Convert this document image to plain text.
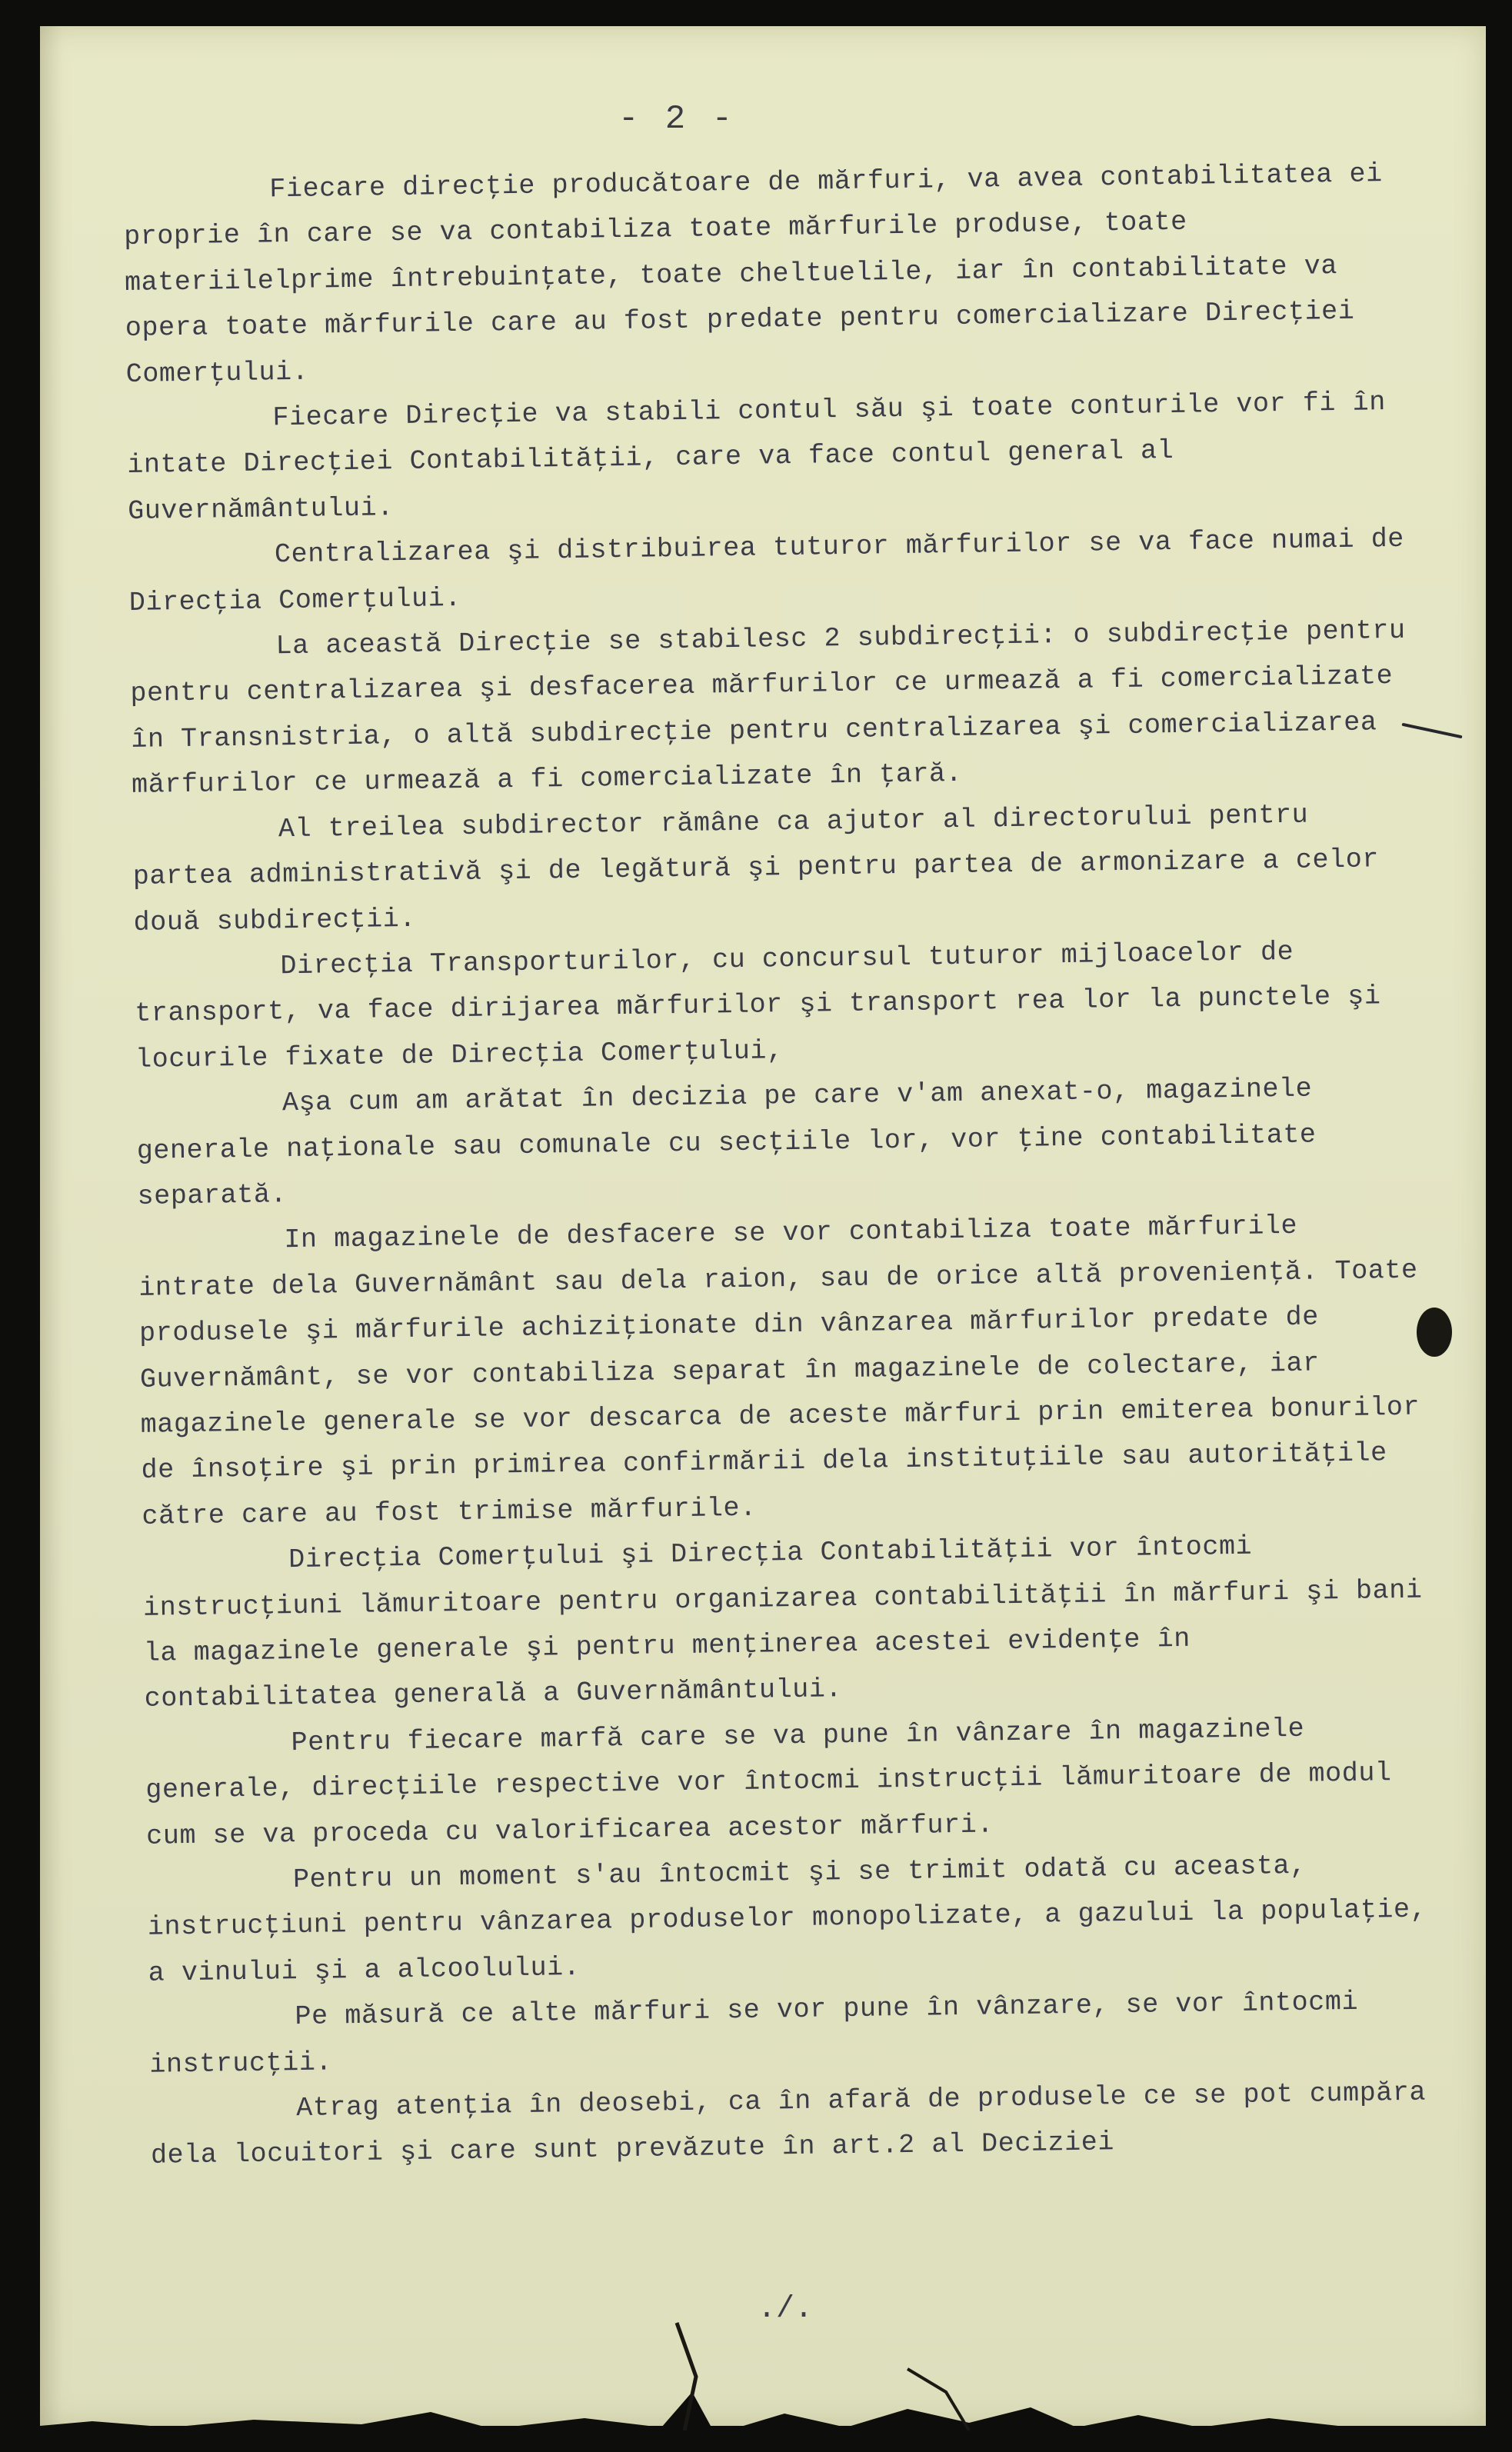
- 2 -

Fiecare direcţie producătoare de mărfuri, va avea contabilitatea ei proprie în care se va contabiliza toate mărfurile produse, toate materiilelprime întrebuinţate, toate cheltuelile, iar în contabilitate va opera toate mărfurile care au fost predate pentru comercializare Direcţiei Comerţului.

Fiecare Direcţie va stabili contul său şi toate conturile vor fi în intate Direcţiei Contabilităţii, care va face contul general al Guvernământului.

Centralizarea şi distribuirea tuturor mărfurilor se va face numai de Direcţia Comerţului.

La această Direcţie se stabilesc 2 subdirecţii: o subdirecţie pentru pentru centralizarea şi desfacerea mărfurilor ce urmează a fi comercializate în Transnistria, o altă subdirecţie pentru centralizarea şi comercializarea mărfurilor ce urmează a fi comercializate în ţară.

Al treilea subdirector rămâne ca ajutor al directorului pentru partea administrativă şi de legătură şi pentru partea de armonizare a celor două subdirecţii.

Direcţia Transporturilor, cu concursul tuturor mijloacelor de transport, va face dirijarea mărfurilor şi transport rea lor la punctele şi locurile fixate de Direcţia Comerţului,

Aşa cum am arătat în decizia pe care v'am anexat-o, magazinele generale naţionale sau comunale cu secţiile lor, vor ţine contabilitate separată.

In magazinele de desfacere se vor contabiliza toate mărfurile intrate dela Guvernământ sau dela raion, sau de orice altă provenienţă. Toate produsele şi mărfurile achiziţionate din vânzarea mărfurilor predate de Guvernământ, se vor contabiliza separat în magazinele de colectare, iar magazinele generale se vor descarca de aceste mărfuri prin emiterea bonurilor de însoţire şi prin primirea confirmării dela instituţiile sau autorităţile către care au fost trimise mărfurile.

Direcţia Comerţului şi Direcţia Contabilităţii vor întocmi instrucţiuni lămuritoare pentru organizarea contabilităţii în mărfuri şi bani la magazinele generale şi pentru menţinerea acestei evidenţe în contabilitatea generală a Guvernământului.

Pentru fiecare marfă care se va pune în vânzare în magazinele generale, direcţiile respective vor întocmi instrucţii lămuritoare de modul cum se va proceda cu valorificarea acestor mărfuri.

Pentru un moment s'au întocmit şi se trimit odată cu aceasta, instrucţiuni pentru vânzarea produselor monopolizate, a gazului la populaţie, a vinului şi a alcoolului.

Pe măsură ce alte mărfuri se vor pune în vânzare, se vor întocmi instrucţii.

Atrag atenţia în deosebi, ca în afară de produsele ce se pot cumpăra dela locuitori şi care sunt prevăzute în art.2 al Deciziei

./.
